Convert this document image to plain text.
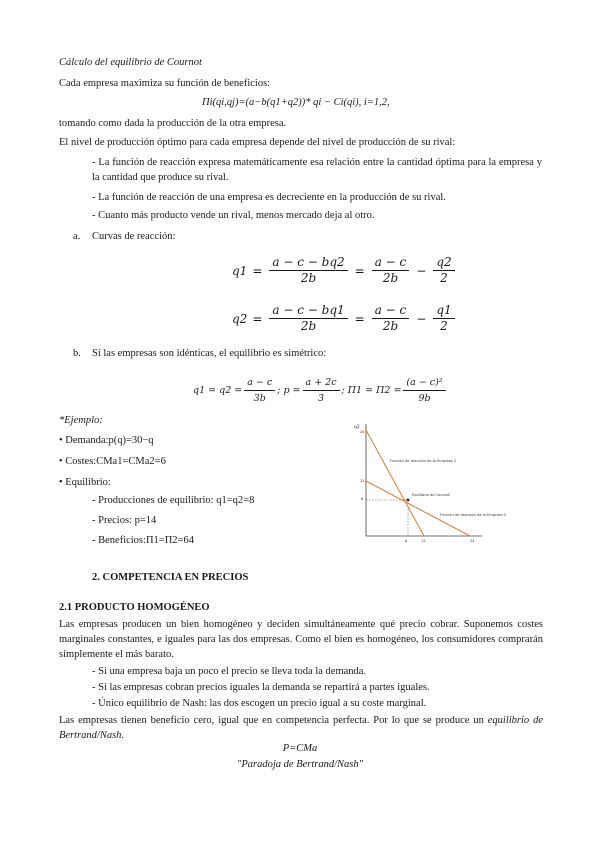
Cálculo del equilibrio de Cournot
Cada empresa maximiza su función de beneficios:
Πi(qi,qj)=(a−b(q1+q2))* qi − Ci(qi), i=1,2,
tomando como dada la producción de la otra empresa.
El nivel de producción óptimo para cada empresa depende del nivel de producción de su rival:
- La función de reacción expresa matemáticamente esa relación entre la cantidad óptima para la empresa y la cantidad que produce su rival.
- La función de reacción de una empresa es decreciente en la producción de su rival.
- Cuanto más producto vende un rival, menos mercado deja al otro.
a. Curvas de reacción:
$q1 = \frac{a - c - bq2}{2b} = \frac{a - c}{2b} - \frac{q2}{2}$
$q2 = \frac{a - c - bq1}{2b} = \frac{a - c}{2b} - \frac{q1}{2}$
b. Si las empresas son idénticas, el equilibrio es simétrico:
$q1 = q2 = \frac{a - c}{3b}$ ; $p = \frac{a + 2c}{3}$ ; $\Pi 1 = \Pi 2 = \frac{\text{(a − c)²}}{9b}$
*Ejemplo:
• Demanda:p(q)=30−q
• Costes:CMa1=CMa2=6
• Equilibrio:
- Producciones de equilibrio: q1=q2=8
- Precios: p=14
- Beneficios:Π1=Π2=64
q2
24
12
8
8	12	24
Función de reacción de la Empresa 1
Equilibrio de Cournot
Función de reacción de la Empresa 2
2. COMPETENCIA EN PRECIOS
2.1 PRODUCTO HOMOGÉNEO
Las empresas producen un bien homogéneo y deciden simultáneamente qué precio cobrar. Suponemos costes marginales constantes, e iguales para las dos empresas. Como el bien es homogéneo, los consumidores comprarán simplemente el más barato.
- Si una empresa baja un poco el precio se lleva toda la demanda.
- Si las empresas cobran precios iguales la demanda se repartirá a partes iguales.
- Único equilibrio de Nash: las dos escogen un precio igual a su coste marginal.
Las empresas tienen beneficio cero, igual que en competencia perfecta. Por lo que se produce un equilibrio de Bertrand/Nash.
P=CMa
"Paradoja de Bertrand/Nash"
